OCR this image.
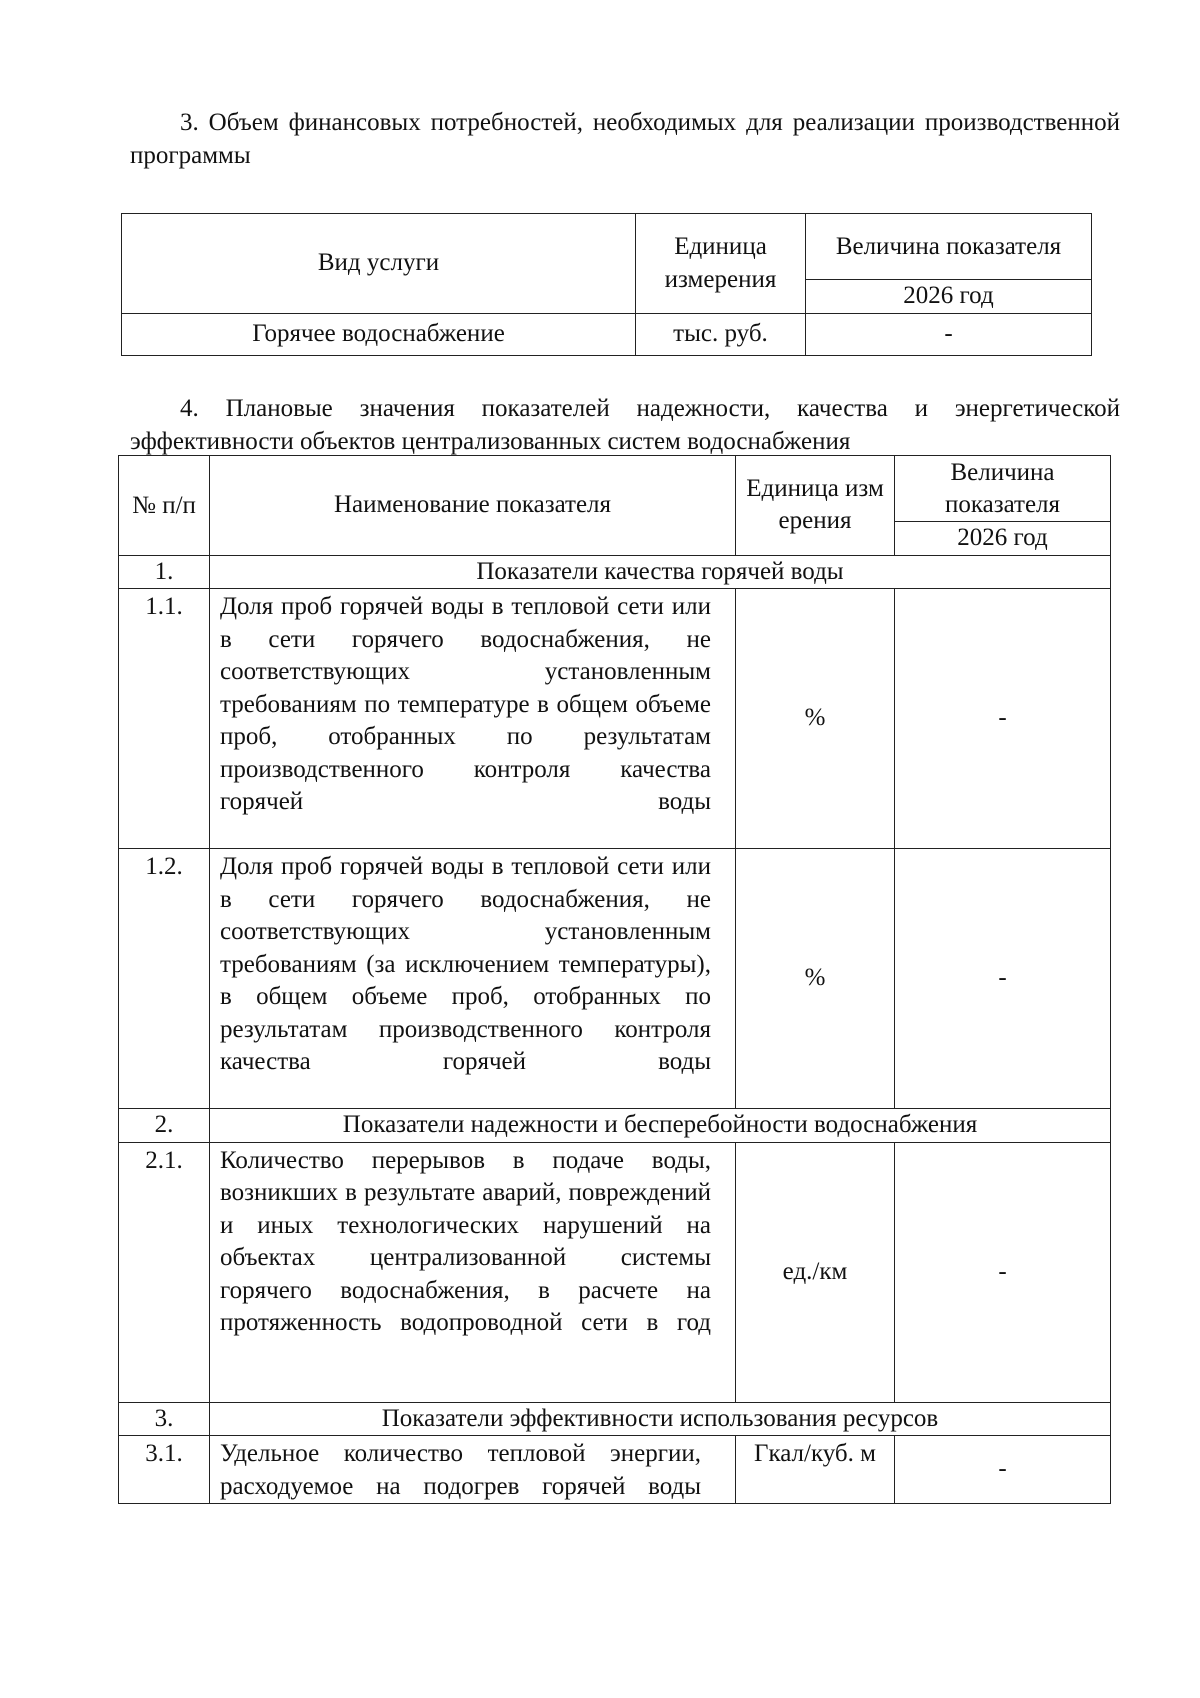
3. Объем финансовых потребностей, необходимых для реализации производственной программы

Вид услуги	Единица измерения	Величина показателя
		2026 год
Горячее водоснабжение	тыс. руб.	-

4. Плановые значения показателей надежности, качества и энергетической эффективности объектов централизованных систем водоснабжения

№ п/п	Наименование показателя	Единица измерения	Величина показателя
			2026 год
1.	Показатели качества горячей воды		
1.1.	Доля проб горячей воды в тепловой сети или в сети горячего водоснабжения, не соответствующих установленным требованиям по температуре в общем объеме проб, отобранных по результатам производственного контроля качества горячей воды	%	-
1.2.	Доля проб горячей воды в тепловой сети или в сети горячего водоснабжения, не соответствующих установленным требованиям (за исключением температуры), в общем объеме проб, отобранных по результатам производственного контроля качества горячей воды	%	-
2.	Показатели надежности и бесперебойности водоснабжения		
2.1.	Количество перерывов в подаче воды, возникших в результате аварий, повреждений и иных технологических нарушений на объектах централизованной системы горячего водоснабжения, в расчете на протяженность водопроводной сети в год	ед./км	-
3.	Показатели эффективности использования ресурсов		
3.1.	Удельное количество тепловой энергии, расходуемое на подогрев горячей воды	Гкал/куб. м	-
